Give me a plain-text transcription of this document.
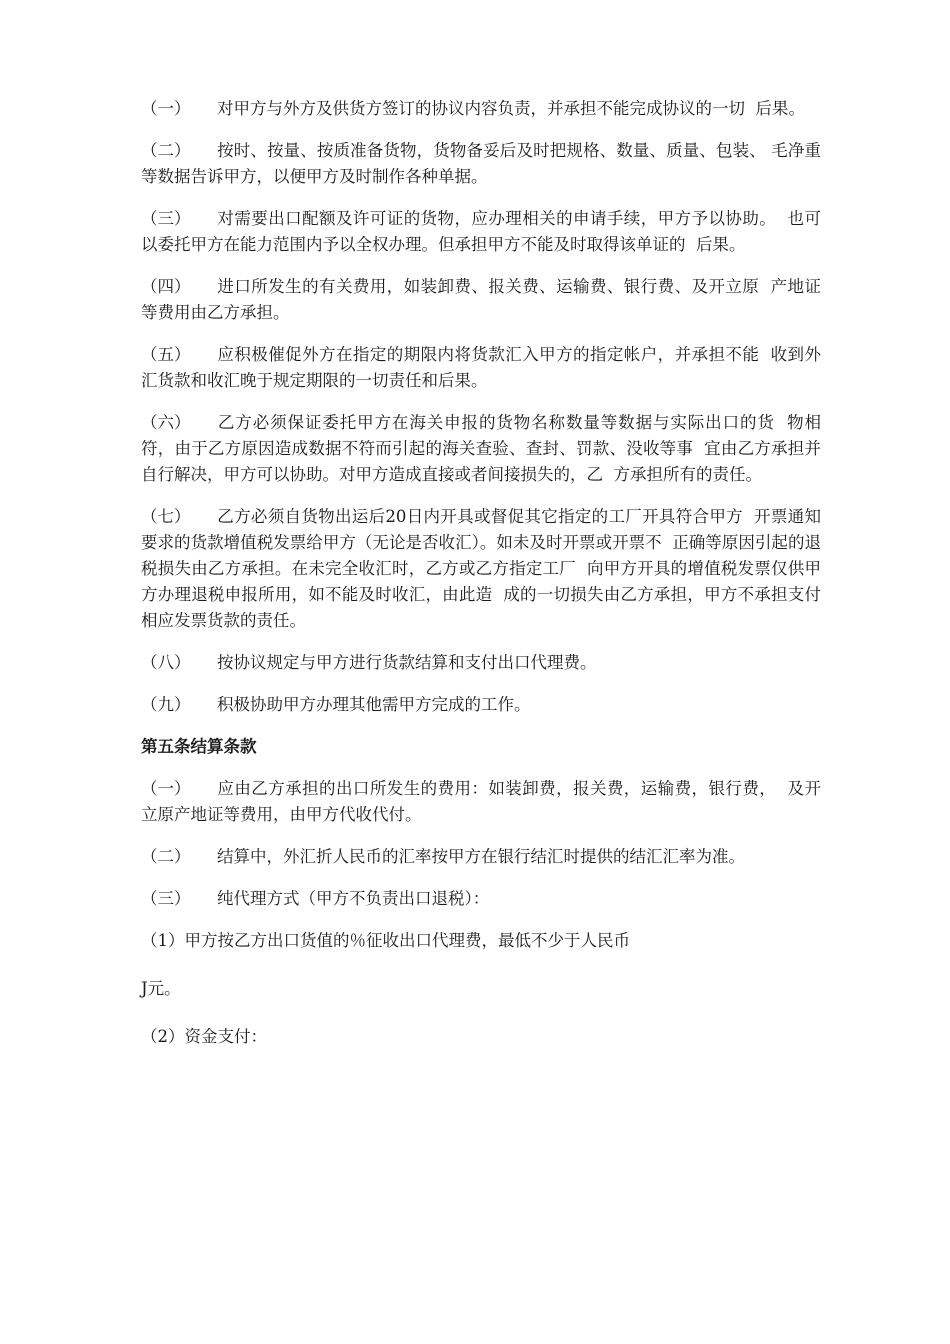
（一） 对甲方与外方及供货方签订的协议内容负责，并承担不能完成协议的一切  后果。

（二） 按时、按量、按质准备货物，货物备妥后及时把规格、数量、质量、包装、 毛净重等数据告诉甲方，以便甲方及时制作各种单据。

（三） 对需要出口配额及许可证的货物，应办理相关的申请手续，甲方予以协助。  也可以委托甲方在能力范围内予以全权办理。但承担甲方不能及时取得该单证的  后果。

（四） 进口所发生的有关费用，如装卸费、报关费、运输费、银行费、及开立原  产地证等费用由乙方承担。

（五） 应积极催促外方在指定的期限内将货款汇入甲方的指定帐户，并承担不能  收到外汇货款和收汇晚于规定期限的一切责任和后果。

（六） 乙方必须保证委托甲方在海关申报的货物名称数量等数据与实际出口的货  物相符，由于乙方原因造成数据不符而引起的海关查验、查封、罚款、没收等事  宜由乙方承担并自行解决，甲方可以协助。对甲方造成直接或者间接损失的，乙  方承担所有的责任。

（七） 乙方必须自货物出运后20日内开具或督促其它指定的工厂开具符合甲方  开票通知要求的货款增值税发票给甲方（无论是否收汇）。如未及时开票或开票不  正确等原因引起的退税损失由乙方承担。在未完全收汇时，乙方或乙方指定工厂  向甲方开具的增值税发票仅供甲方办理退税申报所用，如不能及时收汇，由此造  成的一切损失由乙方承担，甲方不承担支付相应发票货款的责任。

（八） 按协议规定与甲方进行货款结算和支付出口代理费。

（九） 积极协助甲方办理其他需甲方完成的工作。

第五条结算条款

（一） 应由乙方承担的出口所发生的费用：如装卸费，报关费，运输费，银行费，  及开立原产地证等费用，由甲方代收代付。

（二） 结算中，外汇折人民币的汇率按甲方在银行结汇时提供的结汇汇率为准。

（三） 纯代理方式（甲方不负责出口退税）：

（1）甲方按乙方出口货值的％征收出口代理费，最低不少于人民币

J元。

（2）资金支付：
